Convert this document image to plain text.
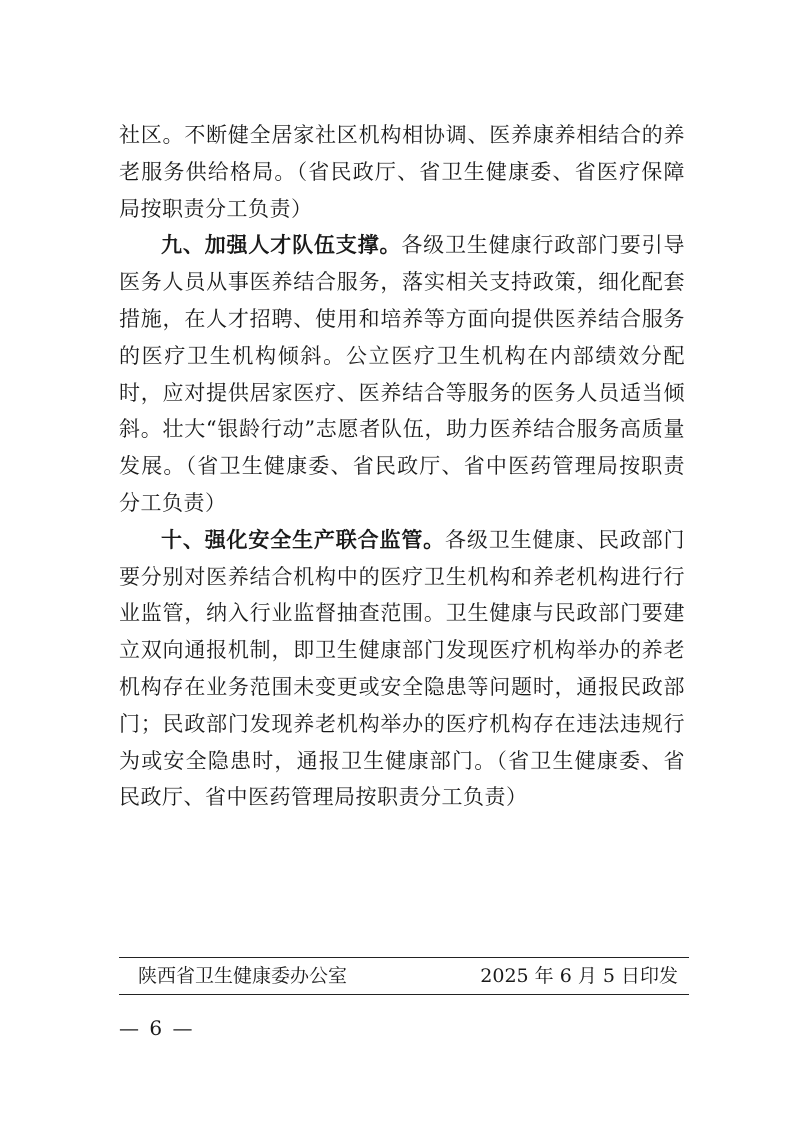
社区。不断健全居家社区机构相协调、医养康养相结合的养老服务供给格局。（省民政厅、省卫生健康委、省医疗保障局按职责分工负责）

九、加强人才队伍支撑。各级卫生健康行政部门要引导医务人员从事医养结合服务，落实相关支持政策，细化配套措施，在人才招聘、使用和培养等方面向提供医养结合服务的医疗卫生机构倾斜。公立医疗卫生机构在内部绩效分配时，应对提供居家医疗、医养结合等服务的医务人员适当倾斜。壮大“银龄行动”志愿者队伍，助力医养结合服务高质量发展。（省卫生健康委、省民政厅、省中医药管理局按职责分工负责）

十、强化安全生产联合监管。各级卫生健康、民政部门要分别对医养结合机构中的医疗卫生机构和养老机构进行行业监管，纳入行业监督抽查范围。卫生健康与民政部门要建立双向通报机制，即卫生健康部门发现医疗机构举办的养老机构存在业务范围未变更或安全隐患等问题时，通报民政部门；民政部门发现养老机构举办的医疗机构存在违法违规行为或安全隐患时，通报卫生健康部门。（省卫生健康委、省民政厅、省中医药管理局按职责分工负责）

陕西省卫生健康委办公室	2025 年 6 月 5 日印发
— 6 —
